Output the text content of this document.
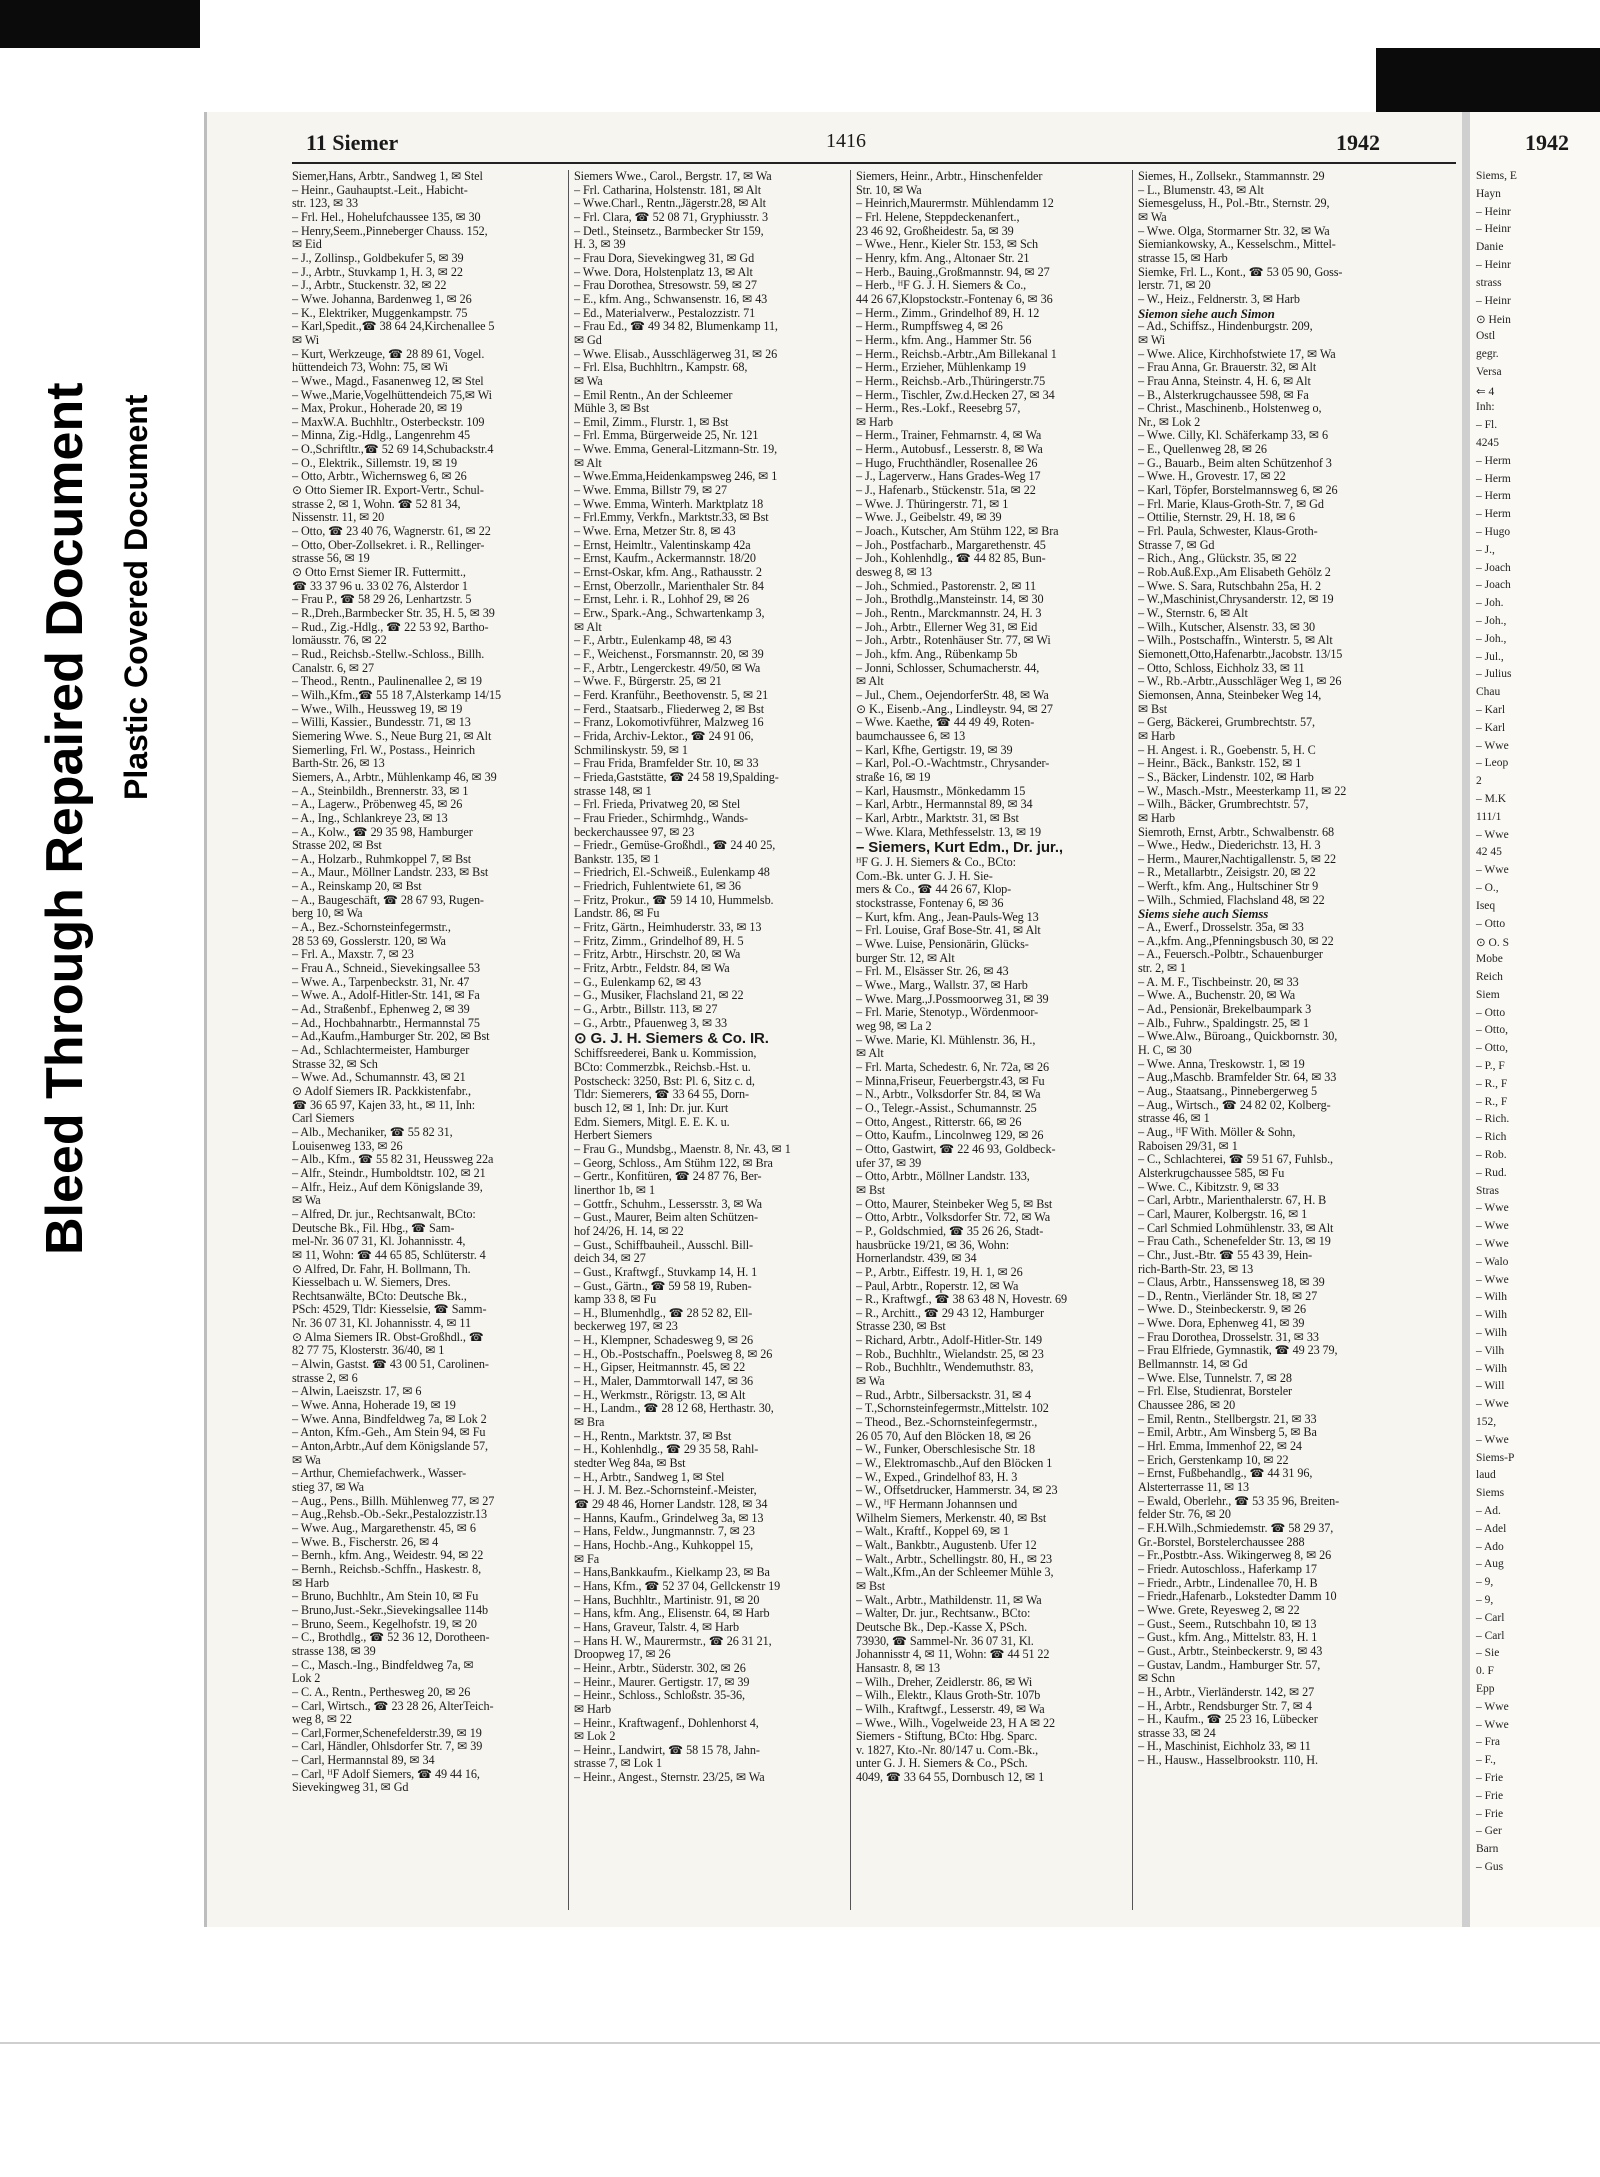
Bleed Through Repaired Document Plastic Covered Document
1942
Siems, E
Hayn
– Heinr
– Heinr
Danie
– Heinr
strass
– Heinr
⊙ Hein
Ostl
gegr.
Versa
⇐ 4
Inh:
– Fl.
4245
– Herm
– Herm
– Herm
– Herm
– Hugo
– J.,
– Joach
– Joach
– Joh.
– Joh.,
– Joh.,
– Jul.,
– Julius
Chau
– Karl
– Karl
– Wwe
– Leop
2
– M.K
111/1
– Wwe
42 45
– Wwe
– O.,
Iseq
– Otto
⊙ O. S
Mobe
Reich
Siem
– Otto
– Otto,
– Otto,
– P., F
– R., F
– R., F
– Rich.
– Rich
– Rob.
– Rud.
Stras
– Wwe
– Wwe
– Wwe
– Walo
– Wwe
– Wilh
– Wilh
– Wilh
– Vilh
– Wilh
– Will
– Wwe
152,
– Wwe
Siems-P
laud
Siems
– Ad.
– Adel
– Ado
– Aug
– 9,
– 9,
– Carl
– Carl
– Sie
0. F
Epp
– Wwe
– Wwe
– Fra
– F.,
– Frie
– Frie
– Frie
– Ger
Barn
– Gus
11 Siemer	1416	1942
Siemer,Hans, Arbtr., Sandweg 1, ✉ Stel
– Heinr., Gauhauptst.-Leit., Habicht-
str. 123, ✉ 33
– Frl. Hel., Hohelufchaussee 135, ✉ 30
– Henry,Seem.,Pinneberger Chauss. 152,
✉ Eid
– J., Zollinsp., Goldbekufer 5, ✉ 39
– J., Arbtr., Stuvkamp 1, H. 3, ✉ 22
– J., Arbtr., Stuckenstr. 32, ✉ 22
– Wwe. Johanna, Bardenweg 1, ✉ 26
– K., Elektriker, Muggenkampstr. 75
– Karl,Spedit.,☎ 38 64 24,Kirchenallee 5
✉ Wi
– Kurt, Werkzeuge, ☎ 28 89 61, Vogel.
hüttendeich 73, Wohn: 75, ✉ Wi
– Wwe., Magd., Fasanenweg 12, ✉ Stel
– Wwe.,Marie,Vogelhüttendeich 75,✉ Wi
– Max, Prokur., Hoherade 20, ✉ 19
– MaxW.A. Buchhltr., Osterbeckstr. 109
– Minna, Zig.-Hdlg., Langenrehm 45
– O.,Schriftltr.,☎ 52 69 14,Schubackstr.4
– O., Elektrik., Sillemstr. 19, ✉ 19
– Otto, Arbtr., Wichernsweg 6, ✉ 26
⊙ Otto Siemer IR. Export-Vertr., Schul-
strasse 2, ✉ 1, Wohn. ☎ 52 81 34,
Nissenstr. 11, ✉ 20
– Otto, ☎ 23 40 76, Wagnerstr. 61, ✉ 22
– Otto, Ober-Zollsekret. i. R., Rellinger-
strasse 56, ✉ 19
⊙ Otto Ernst Siemer IR. Futtermitt.,
☎ 33 37 96 u. 33 02 76, Alsterdor 1
– Frau P., ☎ 58 29 26, Lenhartzstr. 5
– R.,Dreh.,Barmbecker Str. 35, H. 5, ✉ 39
– Rud., Zig.-Hdlg., ☎ 22 53 92, Bartho-
lomäusstr. 76, ✉ 22
– Rud., Reichsb.-Stellw.-Schloss., Billh.
Canalstr. 6, ✉ 27
– Theod., Rentn., Paulinenallee 2, ✉ 19
– Wilh.,Kfm.,☎ 55 18 7,Alsterkamp 14/15
– Wwe., Wilh., Heussweg 19, ✉ 19
– Willi, Kassier., Bundesstr. 71, ✉ 13
Siemering Wwe. S., Neue Burg 21, ✉ Alt
Siemerling, Frl. W., Postass., Heinrich
Barth-Str. 26, ✉ 13
Siemers, A., Arbtr., Mühlenkamp 46, ✉ 39
– A., Steinbildh., Brennerstr. 33, ✉ 1
– A., Lagerw., Pröbenweg 45, ✉ 26
– A., Ing., Schlankreye 23, ✉ 13
– A., Kolw., ☎ 29 35 98, Hamburger
Strasse 202, ✉ Bst
– A., Holzarb., Ruhmkoppel 7, ✉ Bst
– A., Maur., Möllner Landstr. 233, ✉ Bst
– A., Reinskamp 20, ✉ Bst
– A., Baugeschäft, ☎ 28 67 93, Rugen-
berg 10, ✉ Wa
– A., Bez.-Schornsteinfegermstr.,
28 53 69, Gosslerstr. 120, ✉ Wa
– Frl. A., Maxstr. 7, ✉ 23
– Frau A., Schneid., Sievekingsallee 53
– Wwe. A., Tarpenbeckstr. 31, Nr. 47
– Wwe. A., Adolf-Hitler-Str. 141, ✉ Fa
– Ad., Straßenbf., Ephenweg 2, ✉ 39
– Ad., Hochbahnarbtr., Hermannstal 75
– Ad.,Kaufm.,Hamburger Str. 202, ✉ Bst
– Ad., Schlachtermeister, Hamburger
Strasse 32, ✉ Sch
– Wwe. Ad., Schumannstr. 43, ✉ 21
⊙ Adolf Siemers IR. Packkistenfabr.,
☎ 36 65 97, Kajen 33, ht., ✉ 11, Inh:
Carl Siemers
– Alb., Mechaniker, ☎ 55 82 31,
Louisenweg 133, ✉ 26
– Alb., Kfm., ☎ 55 82 31, Heussweg 22a
– Alfr., Steindr., Humboldtstr. 102, ✉ 21
– Alfr., Heiz., Auf dem Königslande 39,
✉ Wa
– Alfred, Dr. jur., Rechtsanwalt, BCto:
Deutsche Bk., Fil. Hbg., ☎ Sam-
mel-Nr. 36 07 31, Kl. Johannisstr. 4,
✉ 11, Wohn: ☎ 44 65 85, Schlüterstr. 4
⊙ Alfred, Dr. Fahr, H. Bollmann, Th.
Kiesselbach u. W. Siemers, Dres.
Rechtsanwälte, BCto: Deutsche Bk.,
PSch: 4529, Tldr: Kiesselsie, ☎ Samm-
Nr. 36 07 31, Kl. Johannisstr. 4, ✉ 11
⊙ Alma Siemers IR. Obst-Großhdl., ☎
82 77 75, Klosterstr. 36/40, ✉ 1
– Alwin, Gastst. ☎ 43 00 51, Carolinen-
strasse 2, ✉ 6
– Alwin, Laeiszstr. 17, ✉ 6
– Wwe. Anna, Hoherade 19, ✉ 19
– Wwe. Anna, Bindfeldweg 7a, ✉ Lok 2
– Anton, Kfm.-Geh., Am Stein 94, ✉ Fu
– Anton,Arbtr.,Auf dem Königslande 57,
✉ Wa
– Arthur, Chemiefachwerk., Wasser-
stieg 37, ✉ Wa
– Aug., Pens., Billh. Mühlenweg 77, ✉ 27
– Aug.,Rehsb.-Ob.-Sekr.,Pestalozzistr.13
– Wwe. Aug., Margarethenstr. 45, ✉ 6
– Wwe. B., Fischerstr. 26, ✉ 4
– Bernh., kfm. Ang., Weidestr. 94, ✉ 22
– Bernh., Reichsb.-Schffn., Haskestr. 8,
✉ Harb
– Bruno, Buchhltr., Am Stein 10, ✉ Fu
– Bruno,Just.-Sekr.,Sievekingsallee 114b
– Bruno, Seem., Kegelhofstr. 19, ✉ 20
– C., Brothdlg., ☎ 52 36 12, Dorotheen-
strasse 138, ✉ 39
– C., Masch.-Ing., Bindfeldweg 7a, ✉
Lok 2
– C. A., Rentn., Perthesweg 20, ✉ 26
– Carl, Wirtsch., ☎ 23 28 26, AlterTeich-
weg 8, ✉ 22
– Carl,Former,Schenefelderstr.39, ✉ 19
– Carl, Händler, Ohlsdorfer Str. 7, ✉ 39
– Carl, Hermannstal 89, ✉ 34
– Carl, ᴴF Adolf Siemers, ☎ 49 44 16,
Sievekingweg 31, ✉ Gd
Siemers Wwe., Carol., Bergstr. 17, ✉ Wa
– Frl. Catharina, Holstenstr. 181, ✉ Alt
– Wwe.Charl., Rentn.,Jägerstr.28, ✉ Alt
– Frl. Clara, ☎ 52 08 71, Gryphiusstr. 3
– Detl., Steinsetz., Barmbecker Str 159,
H. 3, ✉ 39
– Frau Dora, Sievekingweg 31, ✉ Gd
– Wwe. Dora, Holstenplatz 13, ✉ Alt
– Frau Dorothea, Stresowstr. 59, ✉ 27
– E., kfm. Ang., Schwansenstr. 16, ✉ 43
– Ed., Materialverw., Pestalozzistr. 71
– Frau Ed., ☎ 49 34 82, Blumenkamp 11,
✉ Gd
– Wwe. Elisab., Ausschlägerweg 31, ✉ 26
– Frl. Elsa, Buchhltrn., Kampstr. 68,
✉ Wa
– Emil Rentn., An der Schleemer
Mühle 3, ✉ Bst
– Emil, Zimm., Flurstr. 1, ✉ Bst
– Frl. Emma, Bürgerweide 25, Nr. 121
– Wwe. Emma, General-Litzmann-Str. 19,
✉ Alt
– Wwe.Emma,Heidenkampsweg 246, ✉ 1
– Wwe. Emma, Billstr 79, ✉ 27
– Wwe. Emma, Winterh. Marktplatz 18
– Frl.Emmy, Verkfn., Marktstr.33, ✉ Bst
– Wwe. Erna, Metzer Str. 8, ✉ 43
– Ernst, Heimltr., Valentinskamp 42a
– Ernst, Kaufm., Ackermannstr. 18/20
– Ernst-Oskar, kfm. Ang., Rathausstr. 2
– Ernst, Oberzollr., Marienthaler Str. 84
– Ernst, Lehr. i. R., Lohhof 29, ✉ 26
– Erw., Spark.-Ang., Schwartenkamp 3,
✉ Alt
– F., Arbtr., Eulenkamp 48, ✉ 43
– F., Weichenst., Forsmannstr. 20, ✉ 39
– F., Arbtr., Lengerckestr. 49/50, ✉ Wa
– Wwe. F., Bürgerstr. 25, ✉ 21
– Ferd. Kranführ., Beethovenstr. 5, ✉ 21
– Ferd., Staatsarb., Fliederweg 2, ✉ Bst
– Franz, Lokomotivführer, Malzweg 16
– Frida, Archiv-Lektor., ☎ 24 91 06,
Schmilinskystr. 59, ✉ 1
– Frau Frida, Bramfelder Str. 10, ✉ 33
– Frieda,Gaststätte, ☎ 24 58 19,Spalding-
strasse 148, ✉ 1
– Frl. Frieda, Privatweg 20, ✉ Stel
– Frau Frieder., Schirmhdg., Wands-
beckerchaussee 97, ✉ 23
– Friedr., Gemüse-Großhdl., ☎ 24 40 25,
Bankstr. 135, ✉ 1
– Friedrich, El.-Schweiß., Eulenkamp 48
– Friedrich, Fuhlentwiete 61, ✉ 36
– Fritz, Prokur., ☎ 59 14 10, Hummelsb.
Landstr. 86, ✉ Fu
– Fritz, Gärtn., Heimhuderstr. 33, ✉ 13
– Fritz, Zimm., Grindelhof 89, H. 5
– Fritz, Arbtr., Hirschstr. 20, ✉ Wa
– Fritz, Arbtr., Feldstr. 84, ✉ Wa
– G., Eulenkamp 62, ✉ 43
– G., Musiker, Flachsland 21, ✉ 22
– G., Arbtr., Billstr. 113, ✉ 27
– G., Arbtr., Pfauenweg 3, ✉ 33
⊙ G. J. H. Siemers & Co. IR.
Schiffsreederei, Bank u. Kommission,
BCto: Commerzbk., Reichsb.-Hst. u.
Postscheck: 3250, Bst: Pl. 6, Sitz c. d,
Tldr: Siemerers, ☎ 33 64 55, Dorn-
busch 12, ✉ 1, Inh: Dr. jur. Kurt
Edm. Siemers, Mitgl. E. E. K. u.
Herbert Siemers
– Frau G., Mundsbg., Maenstr. 8, Nr. 43, ✉ 1
– Georg, Schloss., Am Stühm 122, ✉ Bra
– Gertr., Konfitüren, ☎ 24 87 76, Ber-
linerthor 1b, ✉ 1
– Gottfr., Schuhm., Lessersstr. 3, ✉ Wa
– Gust., Maurer, Beim alten Schützen-
hof 24/26, H. 14, ✉ 22
– Gust., Schiffbauheil., Ausschl. Bill-
deich 34, ✉ 27
– Gust., Kraftwgf., Stuvkamp 14, H. 1
– Gust., Gärtn., ☎ 59 58 19, Ruben-
kamp 33 8, ✉ Fu
– H., Blumenhdlg., ☎ 28 52 82, Ell-
beckerweg 197, ✉ 23
– H., Klempner, Schadesweg 9, ✉ 26
– H., Ob.-Postschaffn., Poelsweg 8, ✉ 26
– H., Gipser, Heitmannstr. 45, ✉ 22
– H., Maler, Dammtorwall 147, ✉ 36
– H., Werkmstr., Rörigstr. 13, ✉ Alt
– H., Landm., ☎ 28 12 68, Herthastr. 30,
✉ Bra
– H., Rentn., Marktstr. 37, ✉ Bst
– H., Kohlenhdlg., ☎ 29 35 58, Rahl-
stedter Weg 84a, ✉ Bst
– H., Arbtr., Sandweg 1, ✉ Stel
– H. J. M. Bez.-Schornsteinf.-Meister,
☎ 29 48 46, Horner Landstr. 128, ✉ 34
– Hanns, Kaufm., Grindelweg 3a, ✉ 13
– Hans, Feldw., Jungmannstr. 7, ✉ 23
– Hans, Hochb.-Ang., Kuhkoppel 15,
✉ Fa
– Hans,Bankkaufm., Kielkamp 23, ✉ Ba
– Hans, Kfm., ☎ 52 37 04, Gellckenstr 19
– Hans, Buchhltr., Martinistr. 91, ✉ 20
– Hans, kfm. Ang., Elisenstr. 64, ✉ Harb
– Hans, Graveur, Talstr. 4, ✉ Harb
– Hans H. W., Maurermstr., ☎ 26 31 21,
Droopweg 17, ✉ 26
– Heinr., Arbtr., Süderstr. 302, ✉ 26
– Heinr., Maurer. Gertigstr. 17, ✉ 39
– Heinr., Schloss., Schloßstr. 35-36,
✉ Harb
– Heinr., Kraftwagenf., Dohlenhorst 4,
✉ Lok 2
– Heinr., Landwirt, ☎ 58 15 78, Jahn-
strasse 7, ✉ Lok 1
– Heinr., Angest., Sternstr. 23/25, ✉ Wa
Siemers, Heinr., Arbtr., Hinschenfelder
Str. 10, ✉ Wa
– Heinrich,Maurermstr. Mühlendamm 12
– Frl. Helene, Steppdeckenanfert.,
23 46 92, Großheidestr. 5a, ✉ 39
– Wwe., Henr., Kieler Str. 153, ✉ Sch
– Henry, kfm. Ang., Altonaer Str. 21
– Herb., Bauing.,Großmannstr. 94, ✉ 27
– Herb., ᴴF G. J. H. Siemers & Co.,
44 26 67,Klopstockstr.-Fontenay 6, ✉ 36
– Herm., Zimm., Grindelhof 89, H. 12
– Herm., Rumpffsweg 4, ✉ 26
– Herm., kfm. Ang., Hammer Str. 56
– Herm., Reichsb.-Arbtr.,Am Billekanal 1
– Herm., Erzieher, Mühlenkamp 19
– Herm., Reichsb.-Arb.,Thüringerstr.75
– Herm., Tischler, Zw.d.Hecken 27, ✉ 34
– Herm., Res.-Lokf., Reesebrg 57,
✉ Harb
– Herm., Trainer, Fehmarnstr. 4, ✉ Wa
– Herm., Autobusf., Lesserstr. 8, ✉ Wa
– Hugo, Fruchthändler, Rosenallee 26
– J., Lagerverw., Hans Grades-Weg 17
– J., Hafenarb., Stückenstr. 51a, ✉ 22
– Wwe. J. Thüringerstr. 71, ✉ 1
– Wwe. J., Geibelstr. 49, ✉ 39
– Joach., Kutscher, Am Stühm 122, ✉ Bra
– Joh., Postfacharb., Margarethenstr. 45
– Joh., Kohlenhdlg., ☎ 44 82 85, Bun-
desweg 8, ✉ 13
– Joh., Schmied., Pastorenstr. 2, ✉ 11
– Joh., Brothdlg.,Mansteinstr. 14, ✉ 30
– Joh., Rentn., Marckmannstr. 24, H. 3
– Joh., Arbtr., Ellerner Weg 31, ✉ Eid
– Joh., Arbtr., Rotenhäuser Str. 77, ✉ Wi
– Joh., kfm. Ang., Rübenkamp 5b
– Jonni, Schlosser, Schumacherstr. 44,
✉ Alt
– Jul., Chem., OejendorferStr. 48, ✉ Wa
⊙ K., Eisenb.-Ang., Lindleystr. 94, ✉ 27
– Wwe. Kaethe, ☎ 44 49 49, Roten-
baumchaussee 6, ✉ 13
– Karl, Kfhe, Gertigstr. 19, ✉ 39
– Karl, Pol.-O.-Wachtmstr., Chrysander-
straße 16, ✉ 19
– Karl, Hausmstr., Mönkedamm 15
– Karl, Arbtr., Hermannstal 89, ✉ 34
– Karl, Arbtr., Marktstr. 31, ✉ Bst
– Wwe. Klara, Methfesselstr. 13, ✉ 19
– Siemers, Kurt Edm., Dr. jur.,
ᴴF G. J. H. Siemers & Co., BCto:
Com.-Bk. unter G. J. H. Sie-
mers & Co., ☎ 44 26 67, Klop-
stockstrasse, Fontenay 6, ✉ 36
– Kurt, kfm. Ang., Jean-Pauls-Weg 13
– Frl. Louise, Graf Bose-Str. 41, ✉ Alt
– Wwe. Luise, Pensionärin, Glücks-
burger Str. 12, ✉ Alt
– Frl. M., Elsässer Str. 26, ✉ 43
– Wwe., Marg., Wallstr. 37, ✉ Harb
– Wwe. Marg.,J.Possmoorweg 31, ✉ 39
– Frl. Marie, Stenotyp., Wördenmoor-
weg 98, ✉ La 2
– Wwe. Marie, Kl. Mühlenstr. 36, H.,
✉ Alt
– Frl. Marta, Schedestr. 6, Nr. 72a, ✉ 26
– Minna,Friseur, Feuerbergstr.43, ✉ Fu
– N., Arbtr., Volksdorfer Str. 84, ✉ Wa
– O., Telegr.-Assist., Schumannstr. 25
– Otto, Angest., Ritterstr. 66, ✉ 26
– Otto, Kaufm., Lincolnweg 129, ✉ 26
– Otto, Gastwirt, ☎ 22 46 93, Goldbeck-
ufer 37, ✉ 39
– Otto, Arbtr., Möllner Landstr. 133,
✉ Bst
– Otto, Maurer, Steinbeker Weg 5, ✉ Bst
– Otto, Arbtr., Volksdorfer Str. 72, ✉ Wa
– P., Goldschmied, ☎ 35 26 26, Stadt-
hausbrücke 19/21, ✉ 36, Wohn:
Hornerlandstr. 439, ✉ 34
– P., Arbtr., Eiffestr. 19, H. 1, ✉ 26
– Paul, Arbtr., Roperstr. 12, ✉ Wa
– R., Kraftwgf., ☎ 38 63 48 N, Hovestr. 69
– R., Architt., ☎ 29 43 12, Hamburger
Strasse 230, ✉ Bst
– Richard, Arbtr., Adolf-Hitler-Str. 149
– Rob., Buchhltr., Wielandstr. 25, ✉ 23
– Rob., Buchhltr., Wendemuthstr. 83,
✉ Wa
– Rud., Arbtr., Silbersackstr. 31, ✉ 4
– T.,Schornsteinfegermstr.,Mittelstr. 102
– Theod., Bez.-Schornsteinfegermstr.,
26 05 70, Auf den Blöcken 18, ✉ 26
– W., Funker, Oberschlesische Str. 18
– W., Elektromaschb.,Auf den Blöcken 1
– W., Exped., Grindelhof 83, H. 3
– W., Offsetdrucker, Hammerstr. 34, ✉ 23
– W., ᴴF Hermann Johannsen und
Wilhelm Siemers, Merkenstr. 40, ✉ Bst
– Walt., Kraftf., Koppel 69, ✉ 1
– Walt., Bankbtr., Augustenb. Ufer 12
– Walt., Arbtr., Schellingstr. 80, H., ✉ 23
– Walt.,Kfm.,An der Schleemer Mühle 3,
✉ Bst
– Walt., Arbtr., Mathildenstr. 11, ✉ Wa
– Walter, Dr. jur., Rechtsanw., BCto:
Deutsche Bk., Dep.-Kasse X, PSch.
73930, ☎ Sammel-Nr. 36 07 31, Kl.
Johannisstr 4, ✉ 11, Wohn: ☎ 44 51 22
Hansastr. 8, ✉ 13
– Wilh., Dreher, Zeidlerstr. 86, ✉ Wi
– Wilh., Elektr., Klaus Groth-Str. 107b
– Wilh., Kraftwgf., Lesserstr. 49, ✉ Wa
– Wwe., Wilh., Vogelweide 23, H A ✉ 22
Siemers - Stiftung, BCto: Hbg. Sparc.
v. 1827, Kto.-Nr. 80/147 u. Com.-Bk.,
unter G. J. H. Siemers & Co., PSch.
4049, ☎ 33 64 55, Dornbusch 12, ✉ 1
Siemes, H., Zollsekr., Stammannstr. 29
– L., Blumenstr. 43, ✉ Alt
Siemesgeluss, H., Pol.-Btr., Sternstr. 29,
✉ Wa
– Wwe. Olga, Stormarner Str. 32, ✉ Wa
Siemiankowsky, A., Kesselschm., Mittel-
strasse 15, ✉ Harb
Siemke, Frl. L., Kont., ☎ 53 05 90, Goss-
lerstr. 71, ✉ 20
– W., Heiz., Feldnerstr. 3, ✉ Harb
Siemon siehe auch Simon
– Ad., Schiffsz., Hindenburgstr. 209,
✉ Wi
– Wwe. Alice, Kirchhofstwiete 17, ✉ Wa
– Frau Anna, Gr. Brauerstr. 32, ✉ Alt
– Frau Anna, Steinstr. 4, H. 6, ✉ Alt
– B., Alsterkrugchaussee 598, ✉ Fa
– Christ., Maschinenb., Holstenweg o,
Nr., ✉ Lok 2
– Wwe. Cilly, Kl. Schäferkamp 33, ✉ 6
– E., Quellenweg 28, ✉ 26
– G., Bauarb., Beim alten Schützenhof 3
– Wwe. H., Grovestr. 17, ✉ 22
– Karl, Töpfer, Borstelmannsweg 6, ✉ 26
– Frl. Marie, Klaus-Groth-Str. 7, ✉ Gd
– Ottilie, Sternstr. 29, H. 18, ✉ 6
– Frl. Paula, Schwester, Klaus-Groth-
Strasse 7, ✉ Gd
– Rich., Ang., Glückstr. 35, ✉ 22
– Rob.Auß.Exp.,Am Elisabeth Gehölz 2
– Wwe. S. Sara, Rutschbahn 25a, H. 2
– W.,Maschinist,Chrysanderstr. 12, ✉ 19
– W., Sternstr. 6, ✉ Alt
– Wilh., Kutscher, Alsenstr. 33, ✉ 30
– Wilh., Postschaffn., Winterstr. 5, ✉ Alt
Siemonett,Otto,Hafenarbtr.,Jacobstr. 13/15
– Otto, Schloss, Eichholz 33, ✉ 11
– W., Rb.-Arbtr.,Ausschläger Weg 1, ✉ 26
Siemonsen, Anna, Steinbeker Weg 14,
✉ Bst
– Gerg, Bäckerei, Grumbrechtstr. 57,
✉ Harb
– H. Angest. i. R., Goebenstr. 5, H. C
– Heinr., Bäck., Bankstr. 152, ✉ 1
– S., Bäcker, Lindenstr. 102, ✉ Harb
– W., Masch.-Mstr., Meesterkamp 11, ✉ 22
– Wilh., Bäcker, Grumbrechtstr. 57,
✉ Harb
Siemroth, Ernst, Arbtr., Schwalbenstr. 68
– Wwe., Hedw., Diederichstr. 13, H. 3
– Herm., Maurer,Nachtigallenstr. 5, ✉ 22
– R., Metallarbtr., Zeisigstr. 20, ✉ 22
– Werft., kfm. Ang., Hultschiner Str 9
– Wilh., Schmied, Flachsland 48, ✉ 22
Siems siehe auch Siemss
– A., Ewerf., Drosselstr. 35a, ✉ 33
– A.,kfm. Ang.,Pfenningsbusch 30, ✉ 22
– A., Feuersch.-Polbtr., Schauenburger
str. 2, ✉ 1
– A. M. F., Tischbeinstr. 20, ✉ 33
– Wwe. A., Buchenstr. 20, ✉ Wa
– Ad., Pensionär, Brekelbaumpark 3
– Alb., Fuhrw., Spaldingstr. 25, ✉ 1
– Wwe.Alw., Büroang., Quickbornstr. 30,
H. C, ✉ 30
– Wwe. Anna, Treskowstr. 1, ✉ 19
– Aug.,Maschb. Bramfelder Str. 64, ✉ 33
– Aug., Staatsang., Pinnebergerweg 5
– Aug., Wirtsch., ☎ 24 82 02, Kolberg-
strasse 46, ✉ 1
– Aug., ᴴF With. Möller & Sohn,
Raboisen 29/31, ✉ 1
– C., Schlachterei, ☎ 59 51 67, Fuhlsb.,
Alsterkrugchaussee 585, ✉ Fu
– Wwe. C., Kibitzstr. 9, ✉ 33
– Carl, Arbtr., Marienthalerstr. 67, H. B
– Carl, Maurer, Kolbergstr. 16, ✉ 1
– Carl Schmied Lohmühlenstr. 33, ✉ Alt
– Frau Cath., Schenefelder Str. 13, ✉ 19
– Chr., Just.-Btr. ☎ 55 43 39, Hein-
rich-Barth-Str. 23, ✉ 13
– Claus, Arbtr., Hanssensweg 18, ✉ 39
– D., Rentn., Vierländer Str. 18, ✉ 27
– Wwe. D., Steinbeckerstr. 9, ✉ 26
– Wwe. Dora, Ephenweg 41, ✉ 39
– Frau Dorothea, Drosselstr. 31, ✉ 33
– Frau Elfriede, Gymnastik, ☎ 49 23 79,
Bellmannstr. 14, ✉ Gd
– Wwe. Else, Tunnelstr. 7, ✉ 28
– Frl. Else, Studienrat, Borsteler
Chaussee 286, ✉ 20
– Emil, Rentn., Stellbergstr. 21, ✉ 33
– Emil, Arbtr., Am Winsberg 5, ✉ Ba
– Hrl. Emma, Immenhof 22, ✉ 24
– Erich, Gerstenkamp 10, ✉ 22
– Ernst, Fußbehandlg., ☎ 44 31 96,
Alsterterrasse 11, ✉ 13
– Ewald, Oberlehr., ☎ 53 35 96, Breiten-
felder Str. 76, ✉ 20
– F.H.Wilh.,Schmiedemstr. ☎ 58 29 37,
Gr.-Borstel, Borstelerchaussee 288
– Fr.,Postbtr.-Ass. Wikingerweg 8, ✉ 26
– Friedr. Autoschloss., Haferkamp 17
– Friedr., Arbtr., Lindenallee 70, H. B
– Friedr.,Hafenarb., Lokstedter Damm 10
– Wwe. Grete, Reyesweg 2, ✉ 22
– Gust., Seem., Rutschbahn 10, ✉ 13
– Gust., kfm. Ang., Mittelstr. 83, H. 1
– Gust., Arbtr., Steinbeckerstr. 9, ✉ 43
– Gustav, Landm., Hamburger Str. 57,
✉ Schn
– H., Arbtr., Vierländerstr. 142, ✉ 27
– H., Arbtr., Rendsburger Str. 7, ✉ 4
– H., Kaufm., ☎ 25 23 16, Lübecker
strasse 33, ✉ 24
– H., Maschinist, Eichholz 33, ✉ 11
– H., Hausw., Hasselbrookstr. 110, H.
